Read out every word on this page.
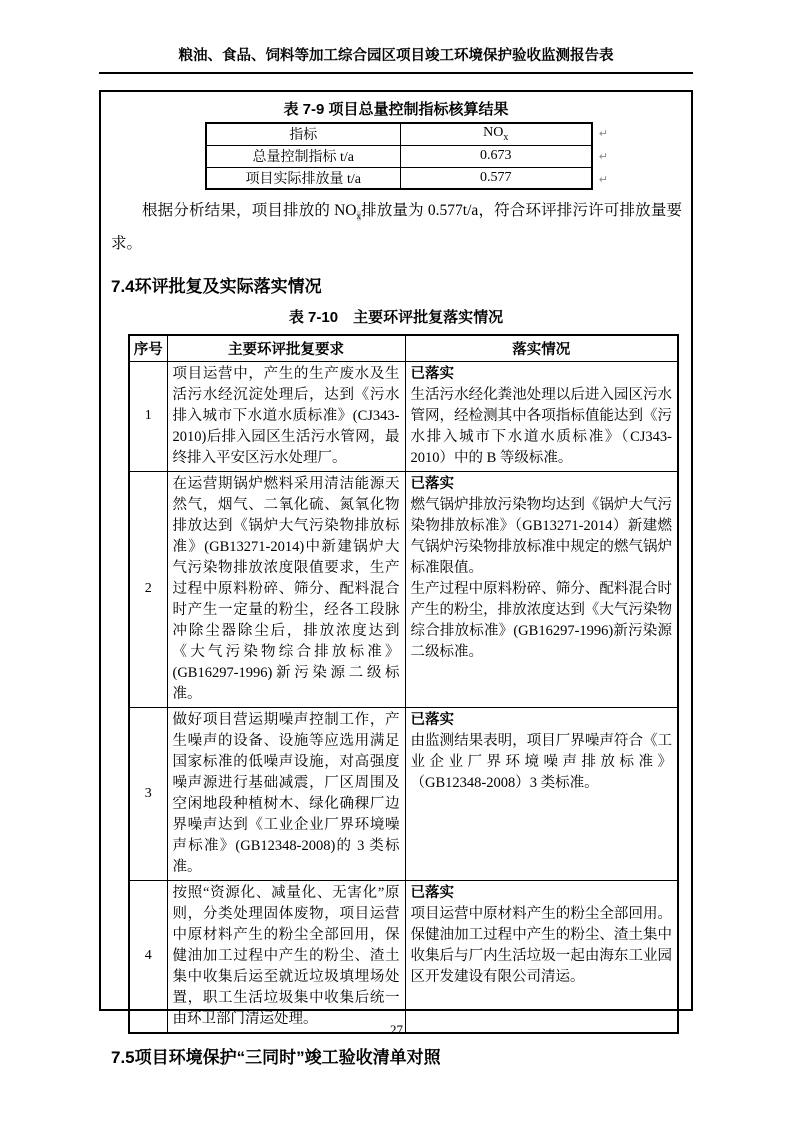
粮油、食品、饲料等加工综合园区项目竣工环境保护验收监测报告表
表 7-9 项目总量控制指标核算结果
指标	$NO_x$
总量控制指标 t/a	0.673
项目实际排放量 t/a	0.577
↵
↵
↵
根据分析结果，项目排放的 $NO_x$排放量为 0.577t/a，符合环评排污许可排放量要求。
7.4环评批复及实际落实情况
表 7-10　主要环评批复落实情况
序号	主要环评批复要求	落实情况
1	项目运营中，产生的生产废水及生活污水经沉淀处理后，达到《污水排入城市下水道水质标准》(CJ343-2010)后排入园区生活污水管网，最终排入平安区污水处理厂。	已落实
生活污水经化粪池处理以后进入园区污水管网，经检测其中各项指标值能达到《污水排入城市下水道水质标准》（CJ343-2010）中的 B 等级标准。

2	在运营期锅炉燃料采用清洁能源天然气，烟气、二氧化硫、氮氧化物排放达到《锅炉大气污染物排放标准》(GB13271-2014)中新建锅炉大气污染物排放浓度限值要求，生产过程中原料粉碎、筛分、配料混合时产生一定量的粉尘，经各工段脉冲除尘器除尘后，排放浓度达到《大气污染物综合排放标准》(GB16297-1996)新污染源二级标准。	已落实
燃气锅炉排放污染物均达到《锅炉大气污染物排放标准》（GB13271-2014）新建燃气锅炉污染物排放标准中规定的燃气锅炉标准限值。
生产过程中原料粉碎、筛分、配料混合时产生的粉尘，排放浓度达到《大气污染物综合排放标准》(GB16297-1996)新污染源二级标准。

3	做好项目营运期噪声控制工作，产生噪声的设备、设施等应选用满足国家标准的低噪声设施，对高强度噪声源进行基础减震，厂区周围及空闲地段种植树木、绿化确稞厂边界噪声达到《工业企业厂界环境噪声标准》(GB12348-2008)的 3 类标准。	已落实
由监测结果表明，项目厂界噪声符合《工业企业厂界环境噪声排放标准》（GB12348-2008）3 类标准。

4	按照“资源化、减量化、无害化”原则，分类处理固体废物，项目运营中原材料产生的粉尘全部回用，保健油加工过程中产生的粉尘、渣土集中收集后运至就近垃圾填埋场处置，职工生活垃圾集中收集后统一由环卫部门清运处理。	已落实
项目运营中原材料产生的粉尘全部回用。保健油加工过程中产生的粉尘、渣土集中收集后与厂内生活垃圾一起由海东工业园区开发建设有限公司清运。
7.5项目环境保护“三同时”竣工验收清单对照
27
